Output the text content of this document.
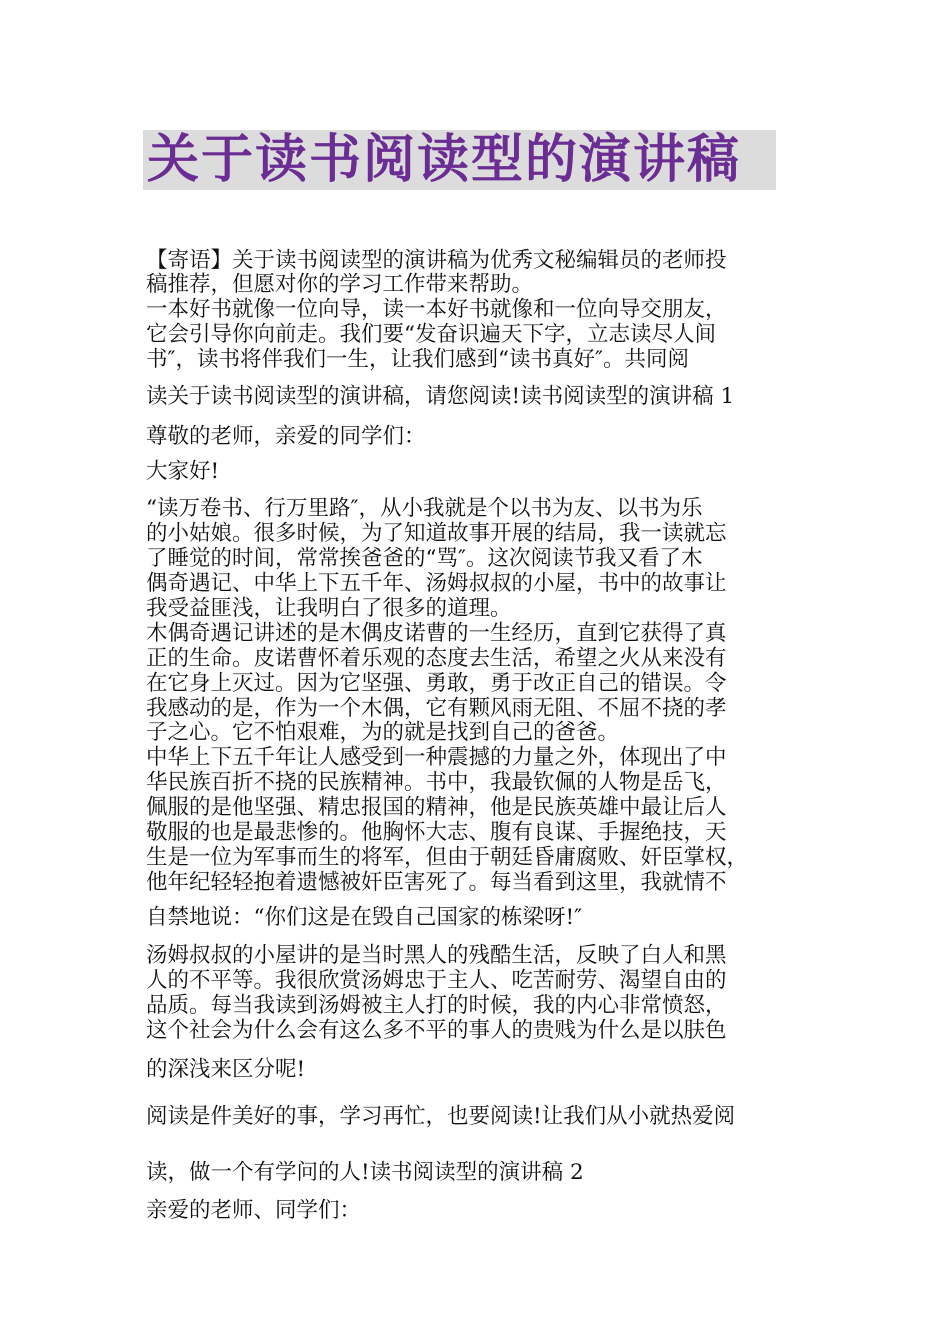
关于读书阅读型的演讲稿

【寄语】关于读书阅读型的演讲稿为优秀文秘编辑员的老师投

稿推荐，但愿对你的学习工作带来帮助。

一本好书就像一位向导，读一本好书就像和一位向导交朋友，

它会引导你向前走。我们要“发奋识遍天下字，立志读尽人间

书″，读书将伴我们一生，让我们感到“读书真好″。共同阅

读关于读书阅读型的演讲稿，请您阅读!读书阅读型的演讲稿 1

尊敬的老师，亲爱的同学们：

大家好!

“读万卷书、行万里路″，从小我就是个以书为友、以书为乐

的小姑娘。很多时候，为了知道故事开展的结局，我一读就忘

了睡觉的时间，常常挨爸爸的“骂″。这次阅读节我又看了木

偶奇遇记、中华上下五千年、汤姆叔叔的小屋，书中的故事让

我受益匪浅，让我明白了很多的道理。

木偶奇遇记讲述的是木偶皮诺曹的一生经历，直到它获得了真

正的生命。皮诺曹怀着乐观的态度去生活，希望之火从来没有

在它身上灭过。因为它坚强、勇敢，勇于改正自己的错误。令

我感动的是，作为一个木偶，它有颗风雨无阻、不屈不挠的孝

子之心。它不怕艰难，为的就是找到自己的爸爸。

中华上下五千年让人感受到一种震撼的力量之外，体现出了中

华民族百折不挠的民族精神。书中，我最钦佩的人物是岳飞，

佩服的是他坚强、精忠报国的精神，他是民族英雄中最让后人

敬服的也是最悲惨的。他胸怀大志、腹有良谋、手握绝技，天

生是一位为军事而生的将军，但由于朝廷昏庸腐败、奸臣掌权，

他年纪轻轻抱着遗憾被奸臣害死了。每当看到这里，我就情不

自禁地说：“你们这是在毁自己国家的栋梁呀!″

汤姆叔叔的小屋讲的是当时黑人的残酷生活，反映了白人和黑

人的不平等。我很欣赏汤姆忠于主人、吃苦耐劳、渴望自由的

品质。每当我读到汤姆被主人打的时候，我的内心非常愤怒，

这个社会为什么会有这么多不平的事人的贵贱为什么是以肤色

的深浅来区分呢!

阅读是件美好的事，学习再忙，也要阅读!让我们从小就热爱阅

读，做一个有学问的人!读书阅读型的演讲稿 2

亲爱的老师、同学们：
